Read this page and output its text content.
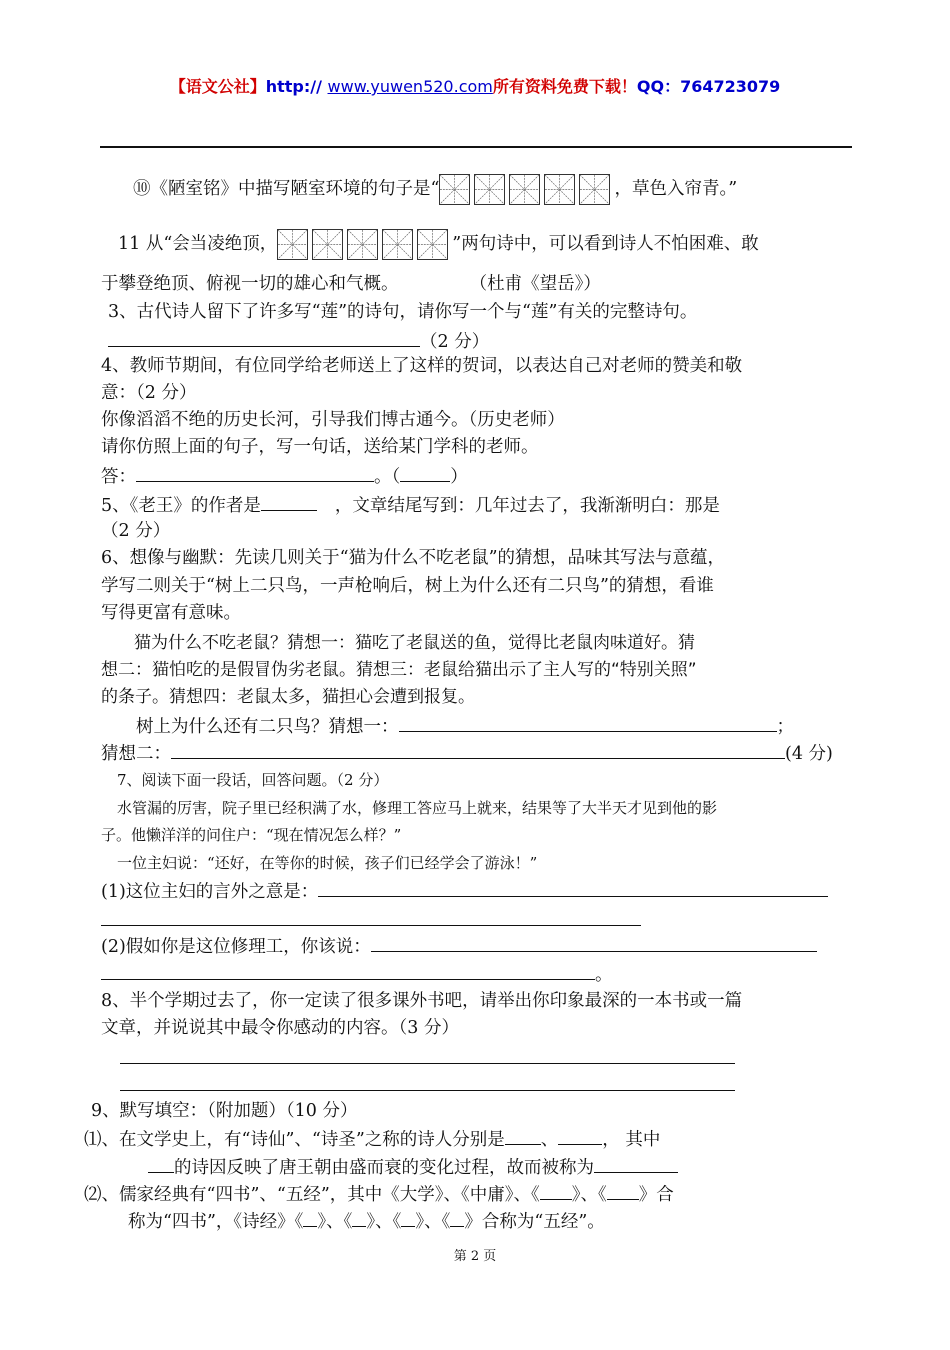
【语文公社】http:// www.yuwen520.com所有资料免费下载！QQ：764723079
⑩《陋室铭》中描写陋室环境的句子是“	，草色入帘青。”
11 从“会当凌绝顶，	”两句诗中，可以看到诗人不怕困难、敢
于攀登绝顶、俯视一切的雄心和气概。	（杜甫《望岳》）
3、古代诗人留下了许多写“莲”的诗句，请你写一个与“莲”有关的完整诗句。
（2 分）
4、教师节期间，有位同学给老师送上了这样的贺词，以表达自己对老师的赞美和敬
意：（2 分）
你像滔滔不绝的历史长河，引导我们博古通今。（历史老师）
请你仿照上面的句子，写一句话，送给某门学科的老师。
答：	。（	）
5、《老王》的作者是	，文章结尾写到：几年过去了，我渐渐明白：那是
（2 分）
6、想像与幽默：先读几则关于“猫为什么不吃老鼠”的猜想，品味其写法与意蕴，
学写二则关于“树上二只鸟，一声枪响后，树上为什么还有二只鸟”的猜想，看谁
写得更富有意味。
猫为什么不吃老鼠？猜想一：猫吃了老鼠送的鱼，觉得比老鼠肉味道好。猜
想二：猫怕吃的是假冒伪劣老鼠。猜想三：老鼠给猫出示了主人写的“特别关照”
的条子。猜想四：老鼠太多，猫担心会遭到报复。
树上为什么还有二只鸟？猜想一：	；
猜想二：	(4 分)
7、阅读下面一段话，回答问题。（2 分）
水管漏的厉害，院子里已经积满了水，修理工答应马上就来，结果等了大半天才见到他的影
子。他懒洋洋的问住户：“现在情况怎么样？”
一位主妇说：“还好，在等你的时候，孩子们已经学会了游泳！”
(1)这位主妇的言外之意是：
(2)假如你是这位修理工，你该说：
。
8、半个学期过去了，你一定读了很多课外书吧，请举出你印象最深的一本书或一篇
文章，并说说其中最令你感动的内容。（3 分）
9、默写填空：（附加题）（10 分）
⑴、在文学史上，有“诗仙”、“诗圣”之称的诗人分别是 、	， 其中
的诗因反映了唐王朝由盛而衰的变化过程，故而被称为
⑵、儒家经典有“四书”、“五经”，其中《大学》、《中庸》、《 》、《 》合
称为“四书”，《诗经》《 》、《 》、《 》、《 》合称为“五经”。
第 2 页
